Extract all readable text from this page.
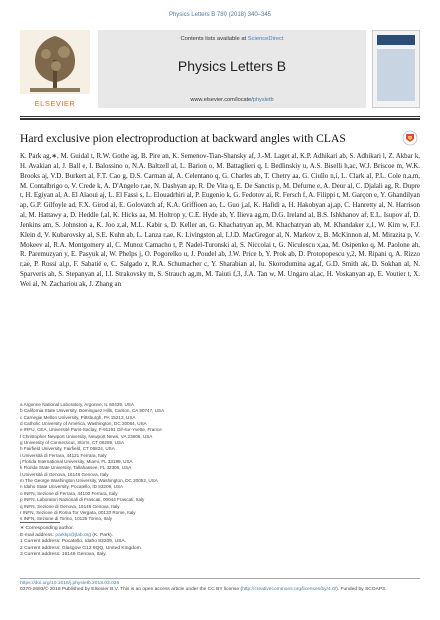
Physics Letters B 780 (2018) 340–345
ELSEVIER
Contents lists available at ScienceDirect
Physics Letters B
www.elsevier.com/locate/physletb
Hard exclusive pion electroproduction at backward angles with CLAS
K. Park ag,∗, M. Guidal t, R.W. Gothe ag, B. Pire an, K. Semenov-Tian-Shansky af, J.-M. Laget al, K.P. Adhikari ab, S. Adhikari l, Z. Akbar k, H. Avakian al, J. Ball e, I. Balossino o, N.A. Baltzell al, L. Barion o, M. Battaglieri q, I. Bedlinskiy u, A.S. Biselli h,ac, W.J. Briscoe m, W.K. Brooks aj, V.D. Burkert al, F.T. Cao g, D.S. Carman al, A. Celentano q, G. Charles ab, T. Chetry aa, G. Ciullo n,i, L. Clark al, P.L. Cole n,a,m, M. Contalbrigo o, V. Crede k, A. D'Angelo r,ae, N. Dashyan ap, R. De Vita q, E. De Sanctis p, M. Defurne e, A. Deur al, C. Djalali ag, R. Dupre t, H. Egiyan al, A. El Alaoui aj, L. El Fassi s, L. Elouadrhiri al, P. Eugenio k, G. Fedotov ai, R. Fersch f, A. Filippi t, M. Garçon e, Y. Ghandilyan ap, G.P. Gilfoyle ad, F.X. Girod al, E. Golovatch af, K.A. Griffioen ao, L. Guo j,al, K. Hafidi a, H. Hakobyan aj,ap, C. Hanretty al, N. Harrison al, M. Hattawy a, D. Heddle f,al, K. Hicks aa, M. Holtrop y, C.E. Hyde ab, Y. Ilieva ag,m, D.G. Ireland al, B.S. Ishkhanov af, E.L. Isupov af, D. Jenkins am, S. Johnston a, K. Joo z,al, M.L. Kabir s, D. Keller an, G. Khachatryan ap, M. Khachatryan ab, M. Khandaker z,1, W. Kim w, F.J. Klein d, V. Kubarovsky al, S.E. Kuhn ab, L. Lanza r,ae, K. Livingston al, I.J.D. MacGregor al, N. Markov z, B. McKinnon al, M. Mirazita p, V. Mokeev al, R.A. Montgomery al, C. Munoz Camacho t, P. Nadel-Turonski al, S. Niccolai t, G. Niculescu x,aa, M. Osipenko q, M. Paolone ah, R. Paremuzyan y, E. Pasyuk al, W. Phelps j, O. Pogorelko u, J. Poudel ab, J.W. Price b, Y. Prok ab, D. Protopopescu y,2, M. Ripani q, A. Rizzo r,ae, P. Rossi al,p, F. Sabatié e, C. Salgado z, R.A. Schumacher c, Y. Sharabian al, Iu. Skorodumina ag,af, G.D. Smith ak, D. Sokhan al, N. Sparveris ah, S. Stepanyan al, I.I. Strakovsky m, S. Strauch ag,m, M. Taiuti f,3, J.A. Tan w, M. Ungaro al,ac, H. Voskanyan ap, E. Voutier t, X. Wei al, N. Zachariou ak, J. Zhang an
a Argonne National Laboratory, Argonne, IL 60439, USA
b California State University, Dominguez Hills, Carson, CA 90747, USA
c Carnegie Mellon University, Pittsburgh, PA 15213, USA
d Catholic University of America, Washington, DC 20064, USA
e IRFU, CEA, Université Paris-Saclay, F-91191 Gif-sur-Yvette, France
f Christopher Newport University, Newport News, VA 23606, USA
g University of Connecticut, Storrs, CT 06269, USA
h Fairfield University, Fairfield, CT 06824, USA
i Università di Ferrara, 44121 Ferrara, Italy
j Florida International University, Miami, FL 33199, USA
k Florida State University, Tallahassee, FL 32306, USA
l Università di Genova, 16146 Genova, Italy
m The George Washington University, Washington, DC 20052, USA
n Idaho State University, Pocatello, ID 83209, USA
o INFN, Sezione di Ferrara, 44100 Ferrara, Italy
p INFN, Laboratori Nazionali di Frascati, 00044 Frascati, Italy
q INFN, Sezione di Genova, 16146 Genova, Italy
r INFN, Sezione di Roma Tor Vergata, 00133 Rome, Italy
s INFN, Sezione di Torino, 10125 Torino, Italy
∗ Corresponding author.
E-mail address: parkkp@jlab.org (K. Park).
1 Current address: Pocatello, Idaho 83209, USA.
2 Current address: Glasgow G12 8QQ, United Kingdom.
3 Current address: 16146 Genova, Italy.
https://doi.org/10.1016/j.physletb.2018.03.026
0370-2693/© 2018 Published by Elsevier B.V. This is an open access article under the CC BY license (http://creativecommons.org/licenses/by/4.0/). Funded by SCOAP3.
